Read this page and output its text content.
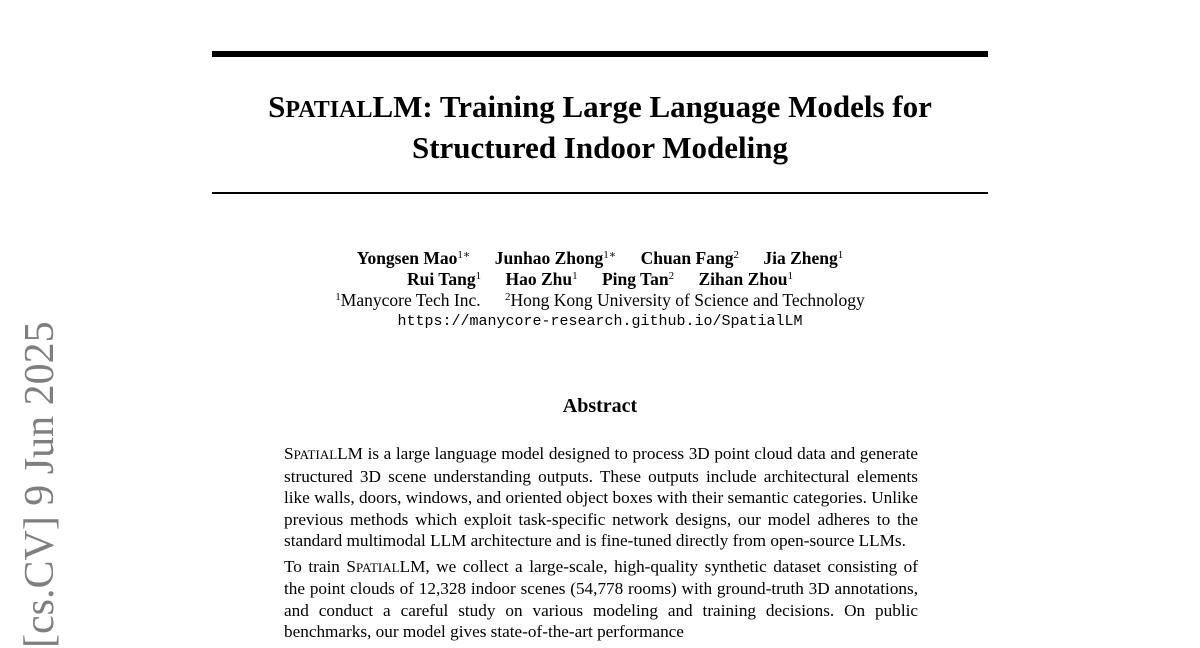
[cs.CV] 9 Jun 2025
SPATIALLM: Training Large Language Models for
Structured Indoor Modeling
Yongsen Mao$^{1∗}$ Junhao Zhong$^{1∗}$ Chuan Fang$^2$ Jia Zheng$^1$
Rui Tang$^1$ Hao Zhu$^1$ Ping Tan$^2$ Zihan Zhou$^1$
$^1$Manycore Tech Inc. $^2$Hong Kong University of Science and Technology
https://manycore-research.github.io/SpatialLM
Abstract

SPATIALLM is a large language model designed to process 3D point cloud data and generate structured 3D scene understanding outputs. These outputs include architectural elements like walls, doors, windows, and oriented object boxes with their semantic categories. Unlike previous methods which exploit task-specific network designs, our model adheres to the standard multimodal LLM architecture and is fine-tuned directly from open-source LLMs.

To train SPATIALLM, we collect a large-scale, high-quality synthetic dataset consisting of the point clouds of 12,328 indoor scenes (54,778 rooms) with ground-truth 3D annotations, and conduct a careful study on various modeling and training decisions. On public benchmarks, our model gives state-of-the-art performance
